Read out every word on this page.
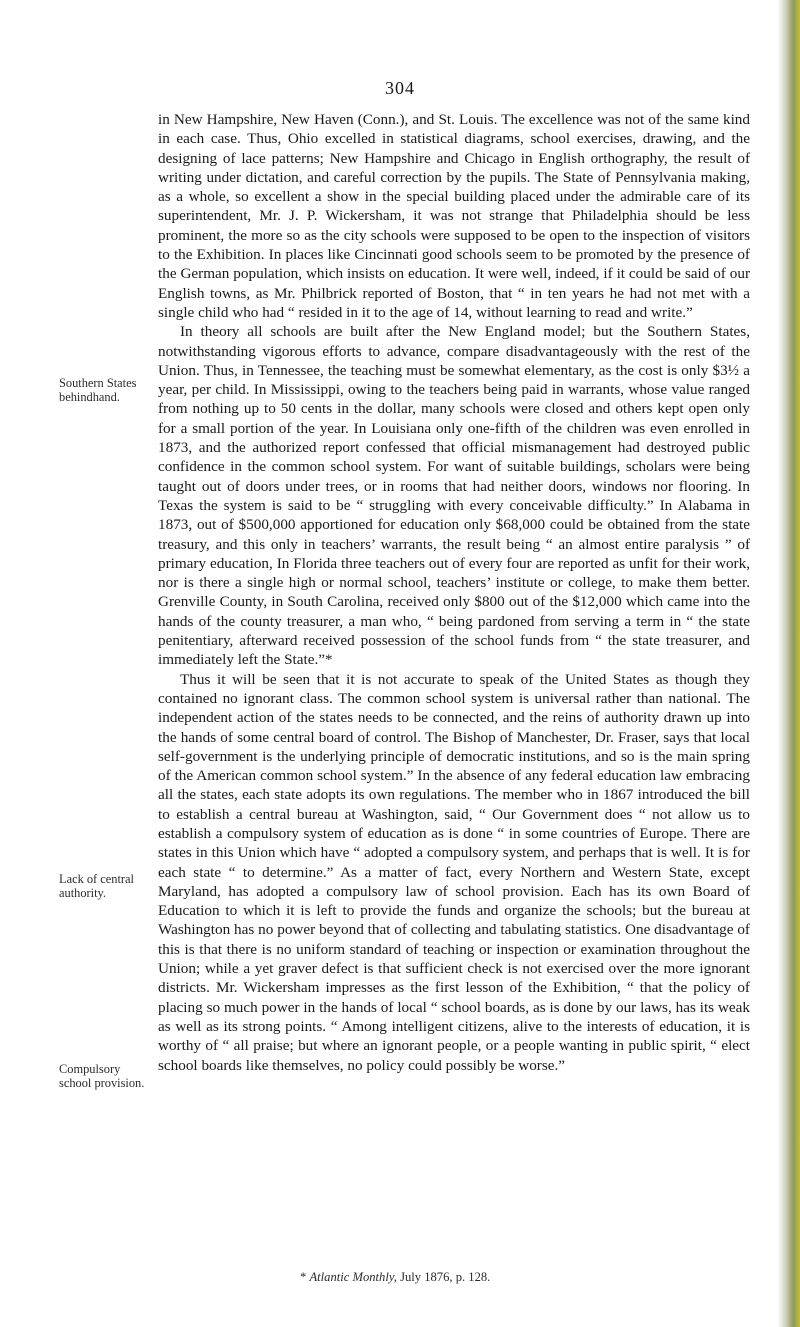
304
Southern States
behindhand.
Lack of central
authority.
Compulsory
school provision.

in New Hampshire, New Haven (Conn.), and St. Louis. The excellence was not of the same kind in each case. Thus, Ohio excelled in statistical diagrams, school exercises, drawing, and the designing of lace patterns; New Hampshire and Chicago in English orthography, the result of writing under dictation, and careful correction by the pupils. The State of Pennsylvania making, as a whole, so excellent a show in the special building placed under the admirable care of its superintendent, Mr. J. P. Wickersham, it was not strange that Philadelphia should be less prominent, the more so as the city schools were supposed to be open to the inspection of visitors to the Exhibition. In places like Cincinnati good schools seem to be promoted by the presence of the German population, which insists on education. It were well, indeed, if it could be said of our English towns, as Mr. Philbrick reported of Boston, that “ in ten years he had not met with a single child who had “ resided in it to the age of 14, without learning to read and write.”

In theory all schools are built after the New England model; but the Southern States, notwithstanding vigorous efforts to advance, compare disadvantageously with the rest of the Union. Thus, in Tennessee, the teaching must be somewhat elementary, as the cost is only $3½ a year, per child. In Mississippi, owing to the teachers being paid in warrants, whose value ranged from nothing up to 50 cents in the dollar, many schools were closed and others kept open only for a small portion of the year. In Louisiana only one-fifth of the children was even enrolled in 1873, and the authorized report confessed that official mismanagement had destroyed public confidence in the common school system. For want of suitable buildings, scholars were being taught out of doors under trees, or in rooms that had neither doors, windows nor flooring. In Texas the system is said to be “ struggling with every conceivable difficulty.” In Alabama in 1873, out of $500,000 apportioned for education only $68,000 could be obtained from the state treasury, and this only in teachers’ warrants, the result being “ an almost entire paralysis ” of primary education, In Florida three teachers out of every four are reported as unfit for their work, nor is there a single high or normal school, teachers’ institute or college, to make them better. Grenville County, in South Carolina, received only $800 out of the $12,000 which came into the hands of the county treasurer, a man who, “ being pardoned from serving a term in “ the state penitentiary, afterward received possession of the school funds from “ the state treasurer, and immediately left the State.”*

Thus it will be seen that it is not accurate to speak of the United States as though they contained no ignorant class. The common school system is universal rather than national. The independent action of the states needs to be connected, and the reins of authority drawn up into the hands of some central board of control. The Bishop of Manchester, Dr. Fraser, says that local self-government is the underlying principle of democratic institutions, and so is the main spring of the American common school system.” In the absence of any federal education law embracing all the states, each state adopts its own regulations. The member who in 1867 introduced the bill to establish a central bureau at Washington, said, “ Our Government does “ not allow us to establish a compulsory system of education as is done “ in some countries of Europe. There are states in this Union which have “ adopted a compulsory system, and perhaps that is well. It is for each state “ to determine.” As a matter of fact, every Northern and Western State, except Maryland, has adopted a compulsory law of school provision. Each has its own Board of Education to which it is left to provide the funds and organize the schools; but the bureau at Washington has no power beyond that of collecting and tabulating statistics. One disadvantage of this is that there is no uniform standard of teaching or inspection or examination throughout the Union; while a yet graver defect is that sufficient check is not exercised over the more ignorant districts. Mr. Wickersham impresses as the first lesson of the Exhibition, “ that the policy of placing so much power in the hands of local “ school boards, as is done by our laws, has its weak as well as its strong points. “ Among intelligent citizens, alive to the interests of education, it is worthy of “ all praise; but where an ignorant people, or a people wanting in public spirit, “ elect school boards like themselves, no policy could possibly be worse.”

* Atlantic Monthly, July 1876, p. 128.
